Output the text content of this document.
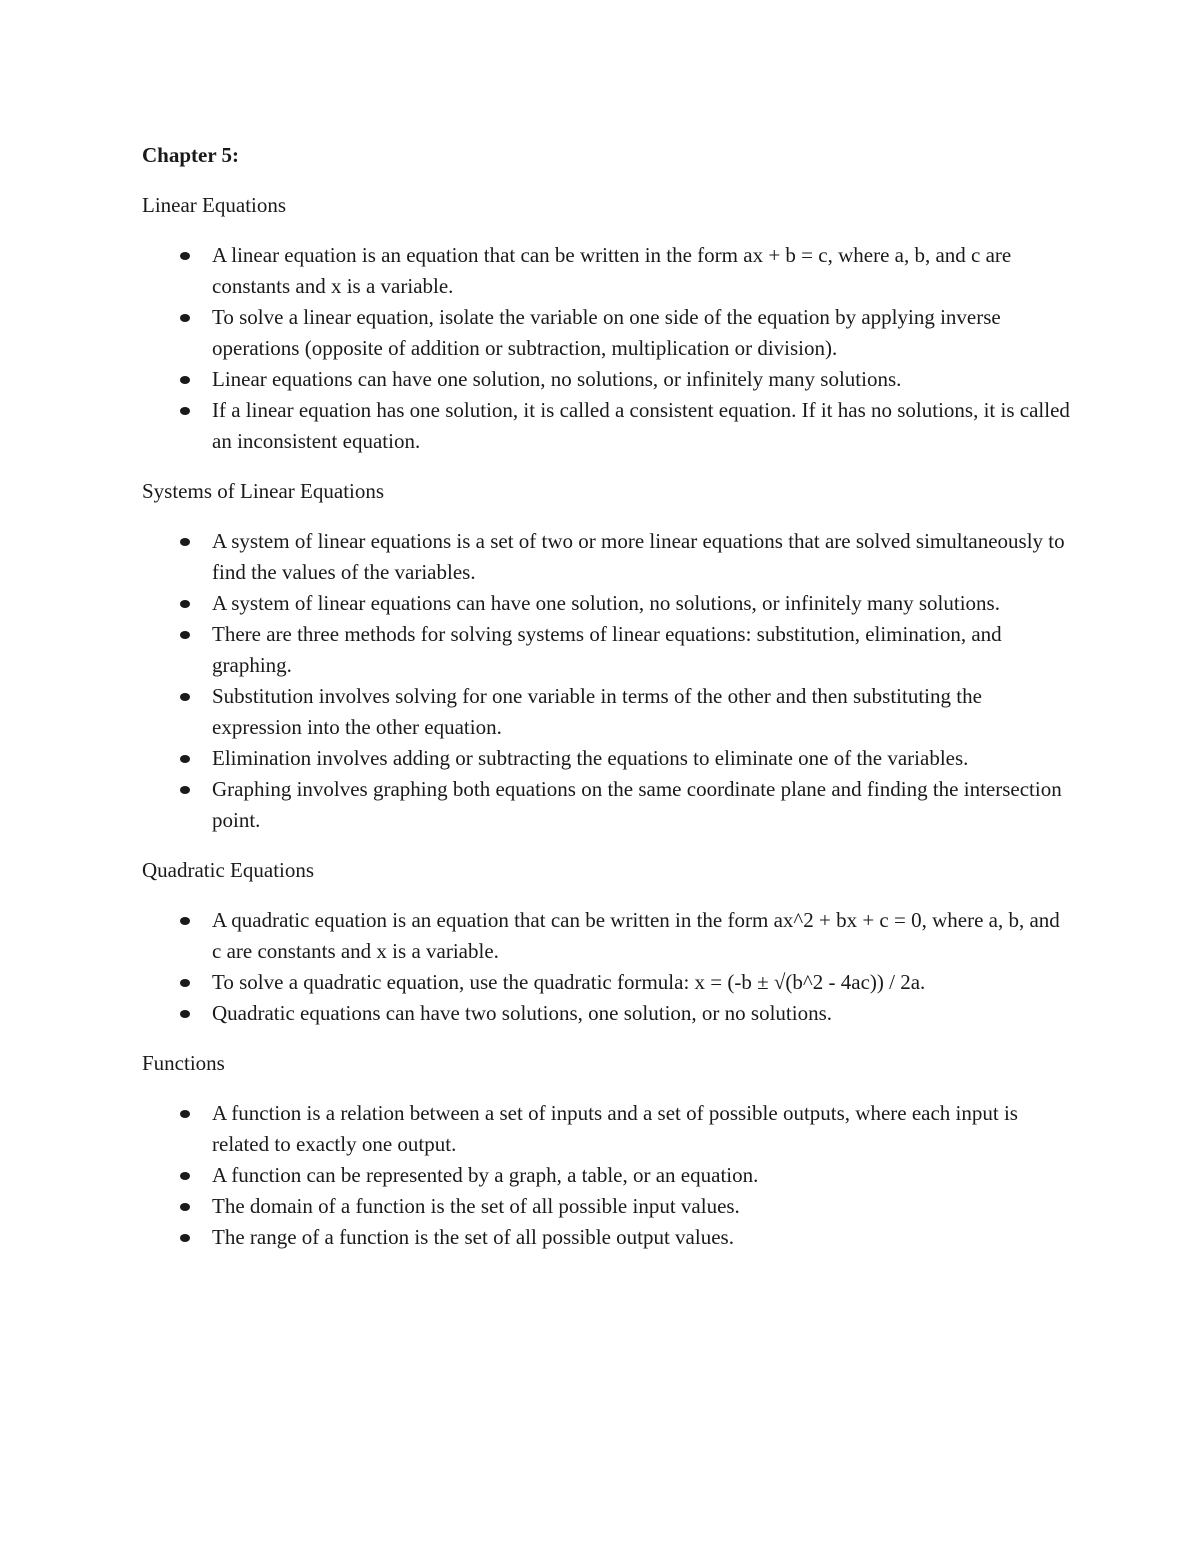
Chapter 5:
Linear Equations
A linear equation is an equation that can be written in the form ax + b = c, where a, b, and c are constants and x is a variable.
To solve a linear equation, isolate the variable on one side of the equation by applying inverse operations (opposite of addition or subtraction, multiplication or division).
Linear equations can have one solution, no solutions, or infinitely many solutions.
If a linear equation has one solution, it is called a consistent equation. If it has no solutions, it is called an inconsistent equation.
Systems of Linear Equations
A system of linear equations is a set of two or more linear equations that are solved simultaneously to find the values of the variables.
A system of linear equations can have one solution, no solutions, or infinitely many solutions.
There are three methods for solving systems of linear equations: substitution, elimination, and graphing.
Substitution involves solving for one variable in terms of the other and then substituting the expression into the other equation.
Elimination involves adding or subtracting the equations to eliminate one of the variables.
Graphing involves graphing both equations on the same coordinate plane and finding the intersection point.
Quadratic Equations
A quadratic equation is an equation that can be written in the form ax^2 + bx + c = 0, where a, b, and c are constants and x is a variable.
To solve a quadratic equation, use the quadratic formula: x = (-b ± √(b^2 - 4ac)) / 2a.
Quadratic equations can have two solutions, one solution, or no solutions.
Functions
A function is a relation between a set of inputs and a set of possible outputs, where each input is related to exactly one output.
A function can be represented by a graph, a table, or an equation.
The domain of a function is the set of all possible input values.
The range of a function is the set of all possible output values.
